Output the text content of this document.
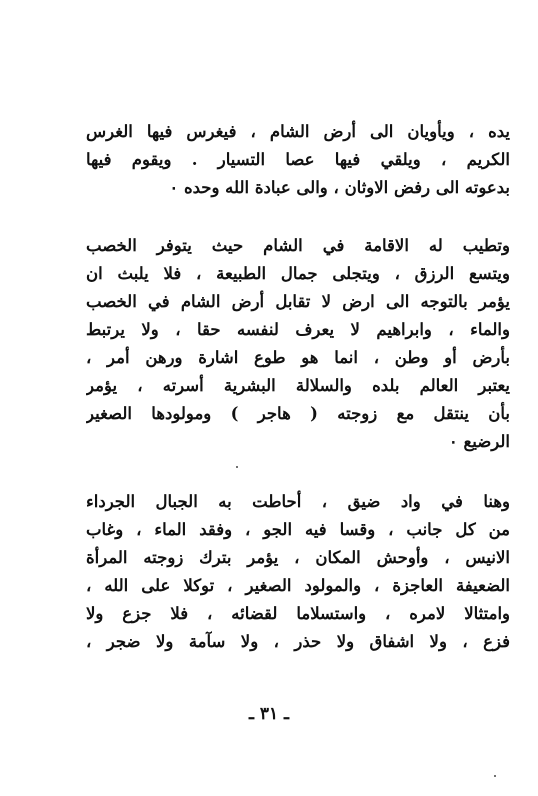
يده ، ويأويان الى أرض الشام ، فيغرس فيها الغرس
الكريم ، ويلقي فيها عصا التسيار . ويقوم فيها
بدعوته الى رفض الاوثان ، والى عبادة الله وحده ٠
وتطيب له الاقامة في الشام حيث يتوفر الخصب
ويتسع الرزق ، ويتجلى جمال الطبيعة ، فلا يلبث ان
يؤمر بالتوجه الى ارض لا تقابل أرض الشام في الخصب
والماء ، وابراهيم لا يعرف لنفسه حقا ، ولا يرتبط
بأرض أو وطن ، انما هو طوع اشارة ورهن أمر ،
يعتبر العالم بلده والسلالة البشرية أسرته ، يؤمر
بأن ينتقل مع زوجته ( هاجر ) ومولودها الصغير
الرضيع ٠
وهنا في واد ضيق ، أحاطت به الجبال الجرداء
من كل جانب ، وقسا فيه الجو ، وفقد الماء ، وغاب
الانيس ، وأوحش المكان ، يؤمر بترك زوجته المرأة
الضعيفة العاجزة ، والمولود الصغير ، توكلا على الله ،
وامتثالا لامره ، واستسلاما لقضائه ، فلا جزع ولا
فزع ، ولا اشفاق ولا حذر ، ولا سآمة ولا ضجر ،
ـ ٣١ ـ
